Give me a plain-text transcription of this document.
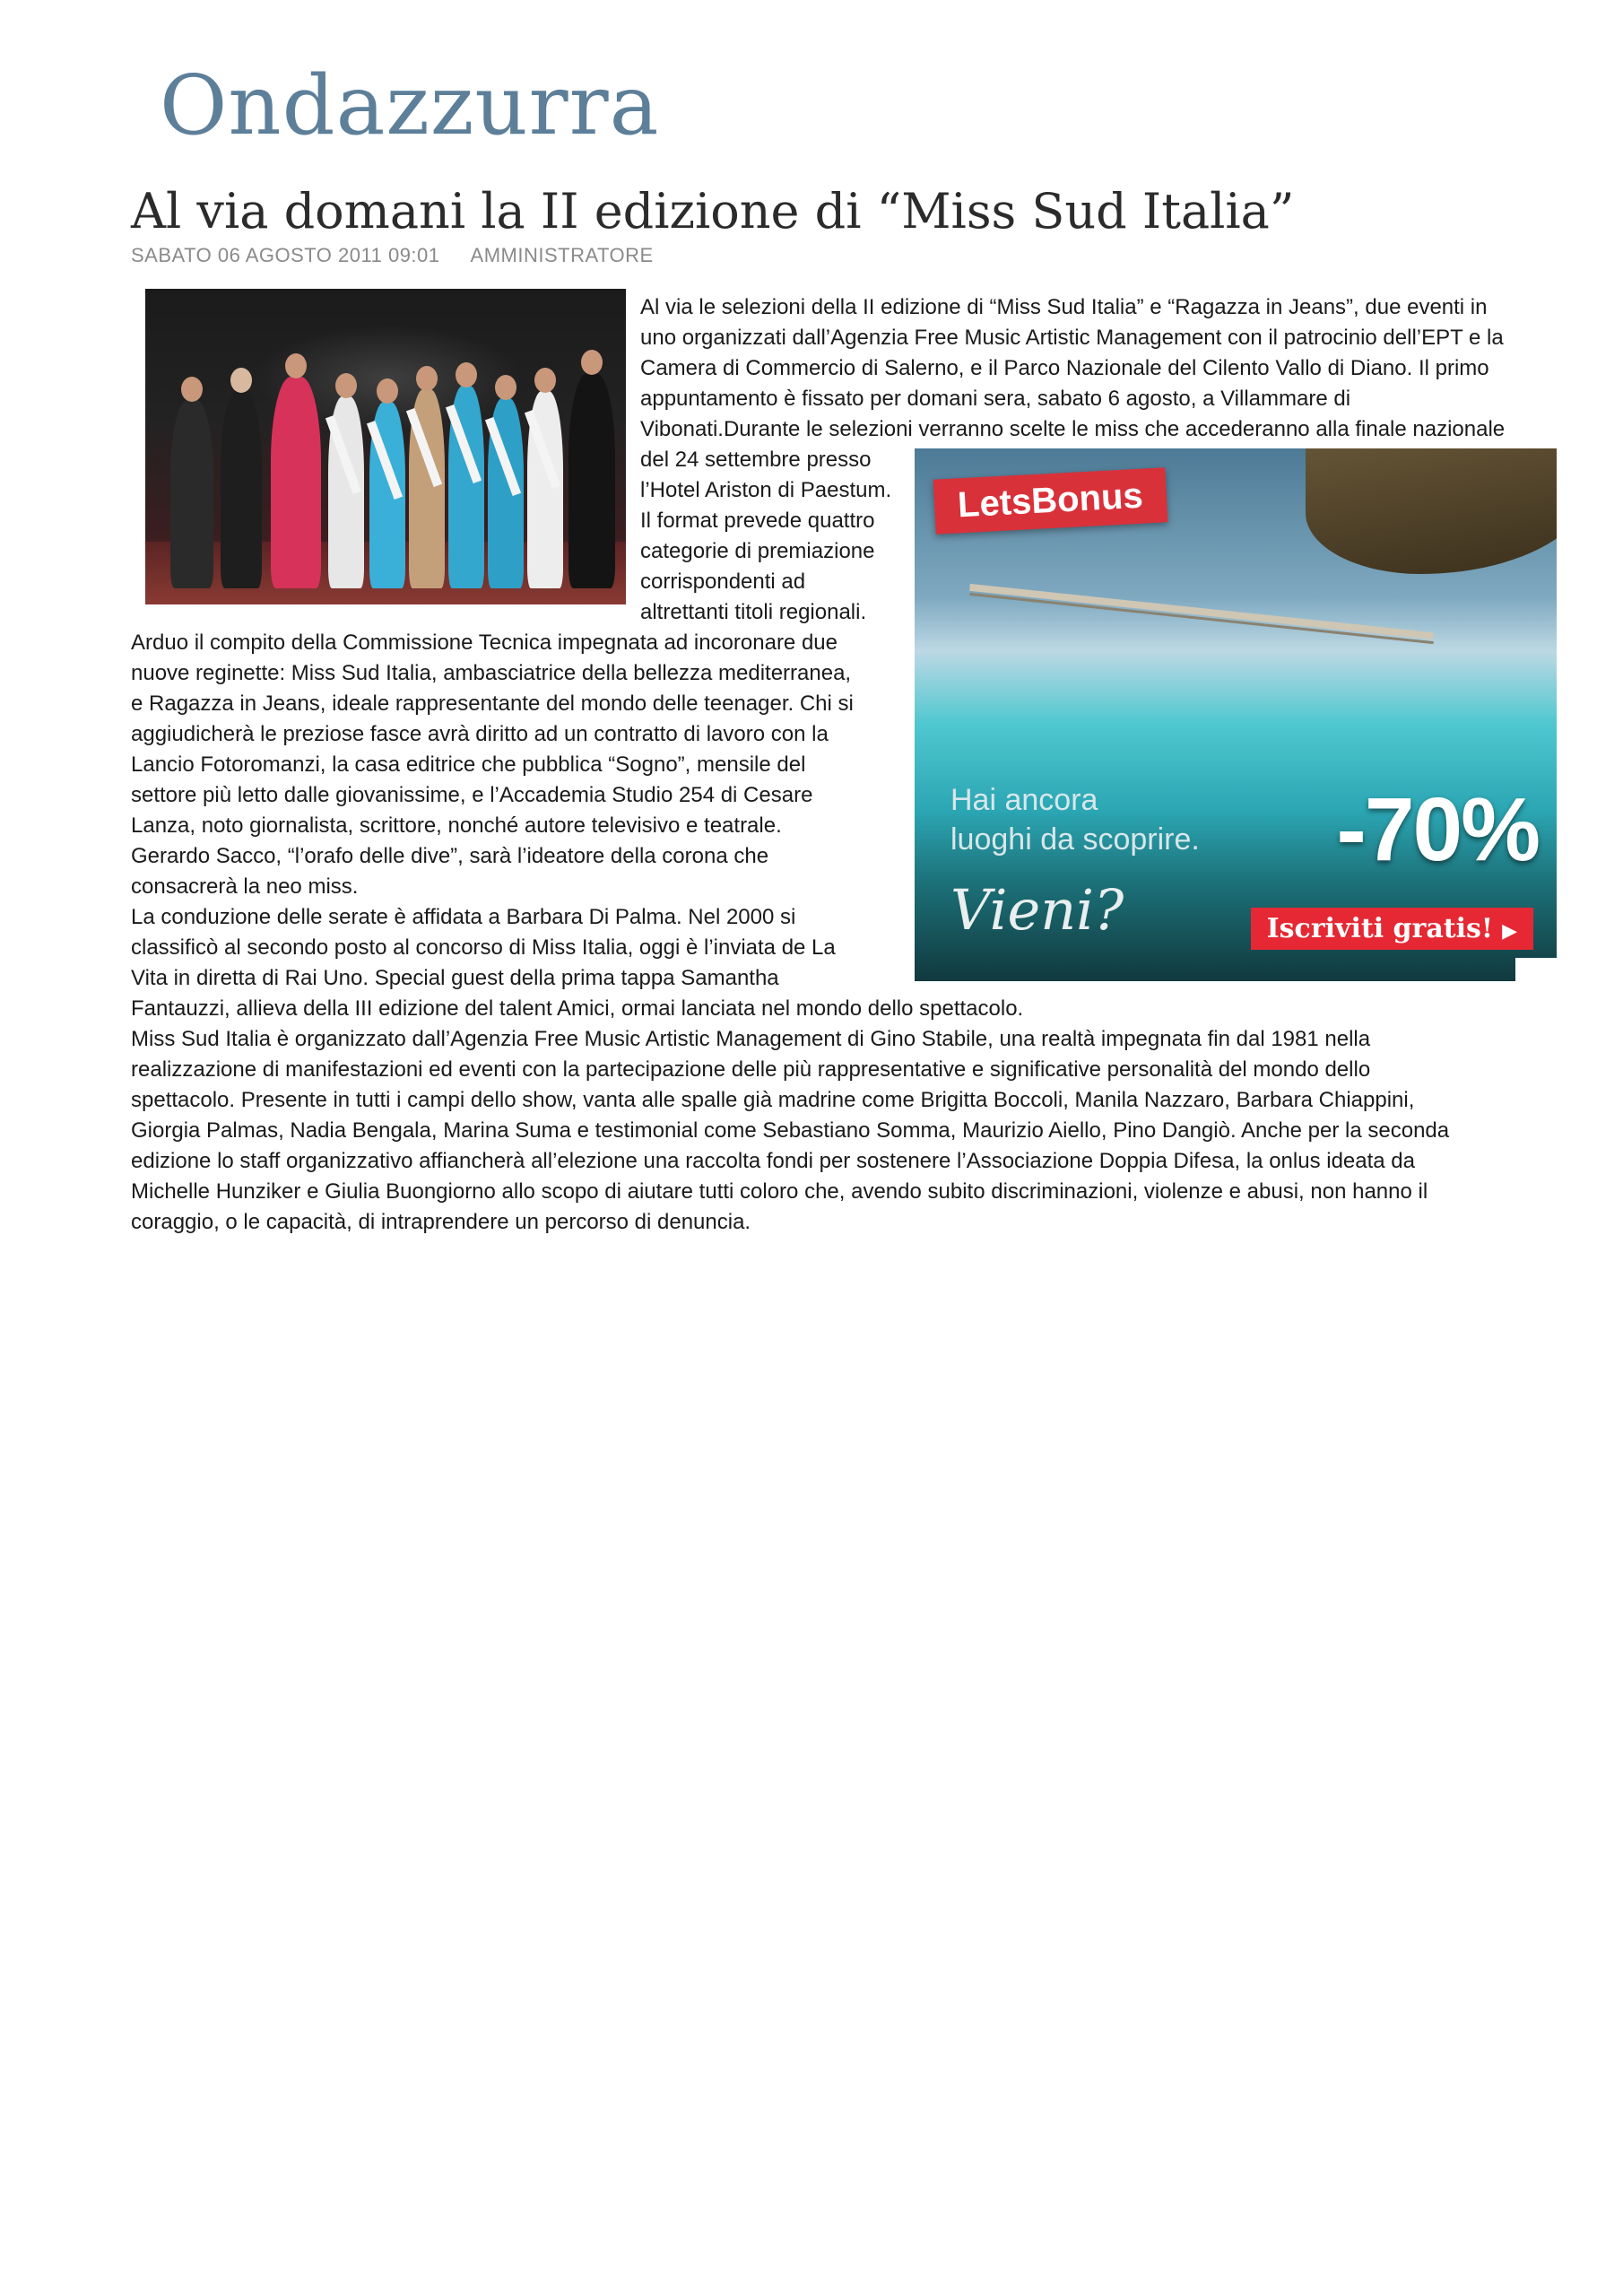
Ondazzurra
Al via domani la II edizione di “Miss Sud Italia”
SABATO 06 AGOSTO 2011 09:01 AMMINISTRATORE
Al via le selezioni della II edizione di “Miss Sud Italia” e “Ragazza in Jeans”, due eventi in
uno organizzati dall’Agenzia Free Music Artistic Management con il patrocinio dell’EPT e la
Camera di Commercio di Salerno, e il Parco Nazionale del Cilento Vallo di Diano. Il primo
appuntamento è fissato per domani sera, sabato 6 agosto, a Villammare di
Vibonati.Durante le selezioni verranno scelte le miss che accederanno alla finale nazionale
del 24 settembre presso
l’Hotel Ariston di Paestum.
Il format prevede quattro
categorie di premiazione
corrispondenti ad
altrettanti titoli regionali.
Arduo il compito della Commissione Tecnica impegnata ad incoronare due
nuove reginette: Miss Sud Italia, ambasciatrice della bellezza mediterranea,
e Ragazza in Jeans, ideale rappresentante del mondo delle teenager. Chi si
aggiudicherà le preziose fasce avrà diritto ad un contratto di lavoro con la
Lancio Fotoromanzi, la casa editrice che pubblica “Sogno”, mensile del
settore più letto dalle giovanissime, e l’Accademia Studio 254 di Cesare
Lanza, noto giornalista, scrittore, nonché autore televisivo e teatrale.
Gerardo Sacco, “l’orafo delle dive”, sarà l’ideatore della corona che
consacrerà la neo miss.
La conduzione delle serate è affidata a Barbara Di Palma. Nel 2000 si
classificò al secondo posto al concorso di Miss Italia, oggi è l’inviata de La
Vita in diretta di Rai Uno. Special guest della prima tappa Samantha
Fantauzzi, allieva della III edizione del talent Amici, ormai lanciata nel mondo dello spettacolo.
Miss Sud Italia è organizzato dall’Agenzia Free Music Artistic Management di Gino Stabile, una realtà impegnata fin dal 1981 nella
realizzazione di manifestazioni ed eventi con la partecipazione delle più rappresentative e significative personalità del mondo dello
spettacolo. Presente in tutti i campi dello show, vanta alle spalle già madrine come Brigitta Boccoli, Manila Nazzaro, Barbara Chiappini,
Giorgia Palmas, Nadia Bengala, Marina Suma e testimonial come Sebastiano Somma, Maurizio Aiello, Pino Dangiò. Anche per la seconda
edizione lo staff organizzativo affiancherà all’elezione una raccolta fondi per sostenere l’Associazione Doppia Difesa, la onlus ideata da
Michelle Hunziker e Giulia Buongiorno allo scopo di aiutare tutti coloro che, avendo subito discriminazioni, violenze e abusi, non hanno il
coraggio, o le capacità, di intraprendere un percorso di denuncia.
LetsBonus
Hai ancora
luoghi da scoprire.	-70%
Vieni?	Iscriviti gratis! ▶
